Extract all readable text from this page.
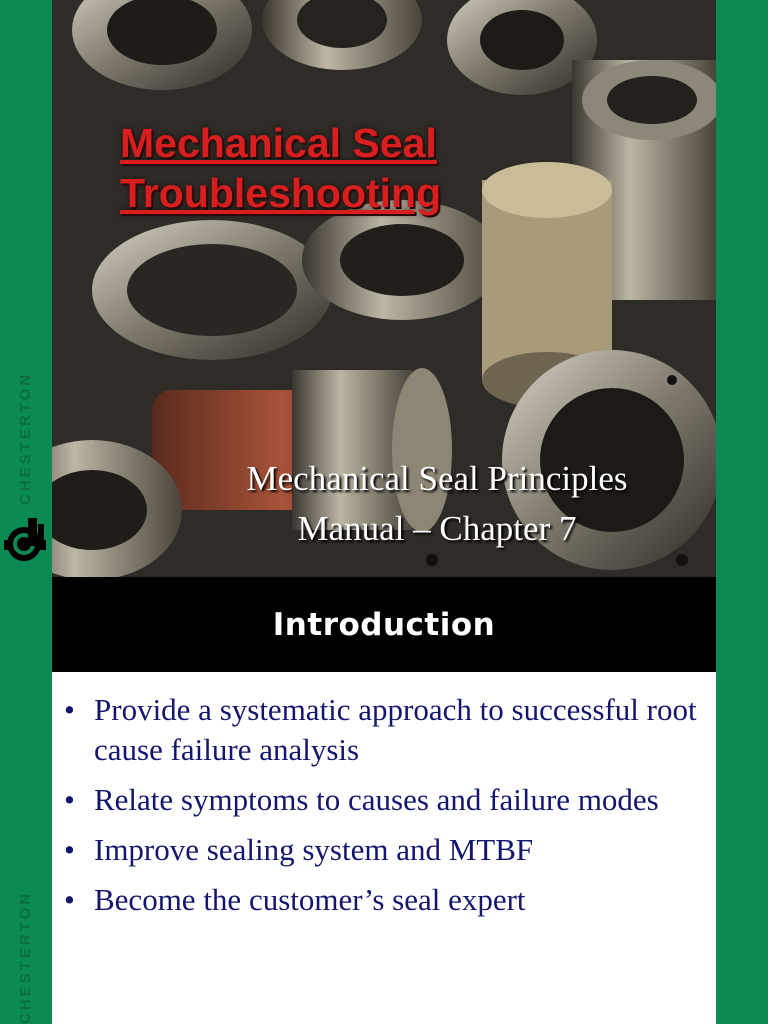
CHESTERTON
CHESTERTON
Mechanical Seal
Troubleshooting
Mechanical Seal Principles
Manual – Chapter 7
Introduction
• Provide a systematic approach to successful root cause failure analysis
• Relate symptoms to causes and failure modes
• Improve sealing system and MTBF
• Become the customer’s seal expert
